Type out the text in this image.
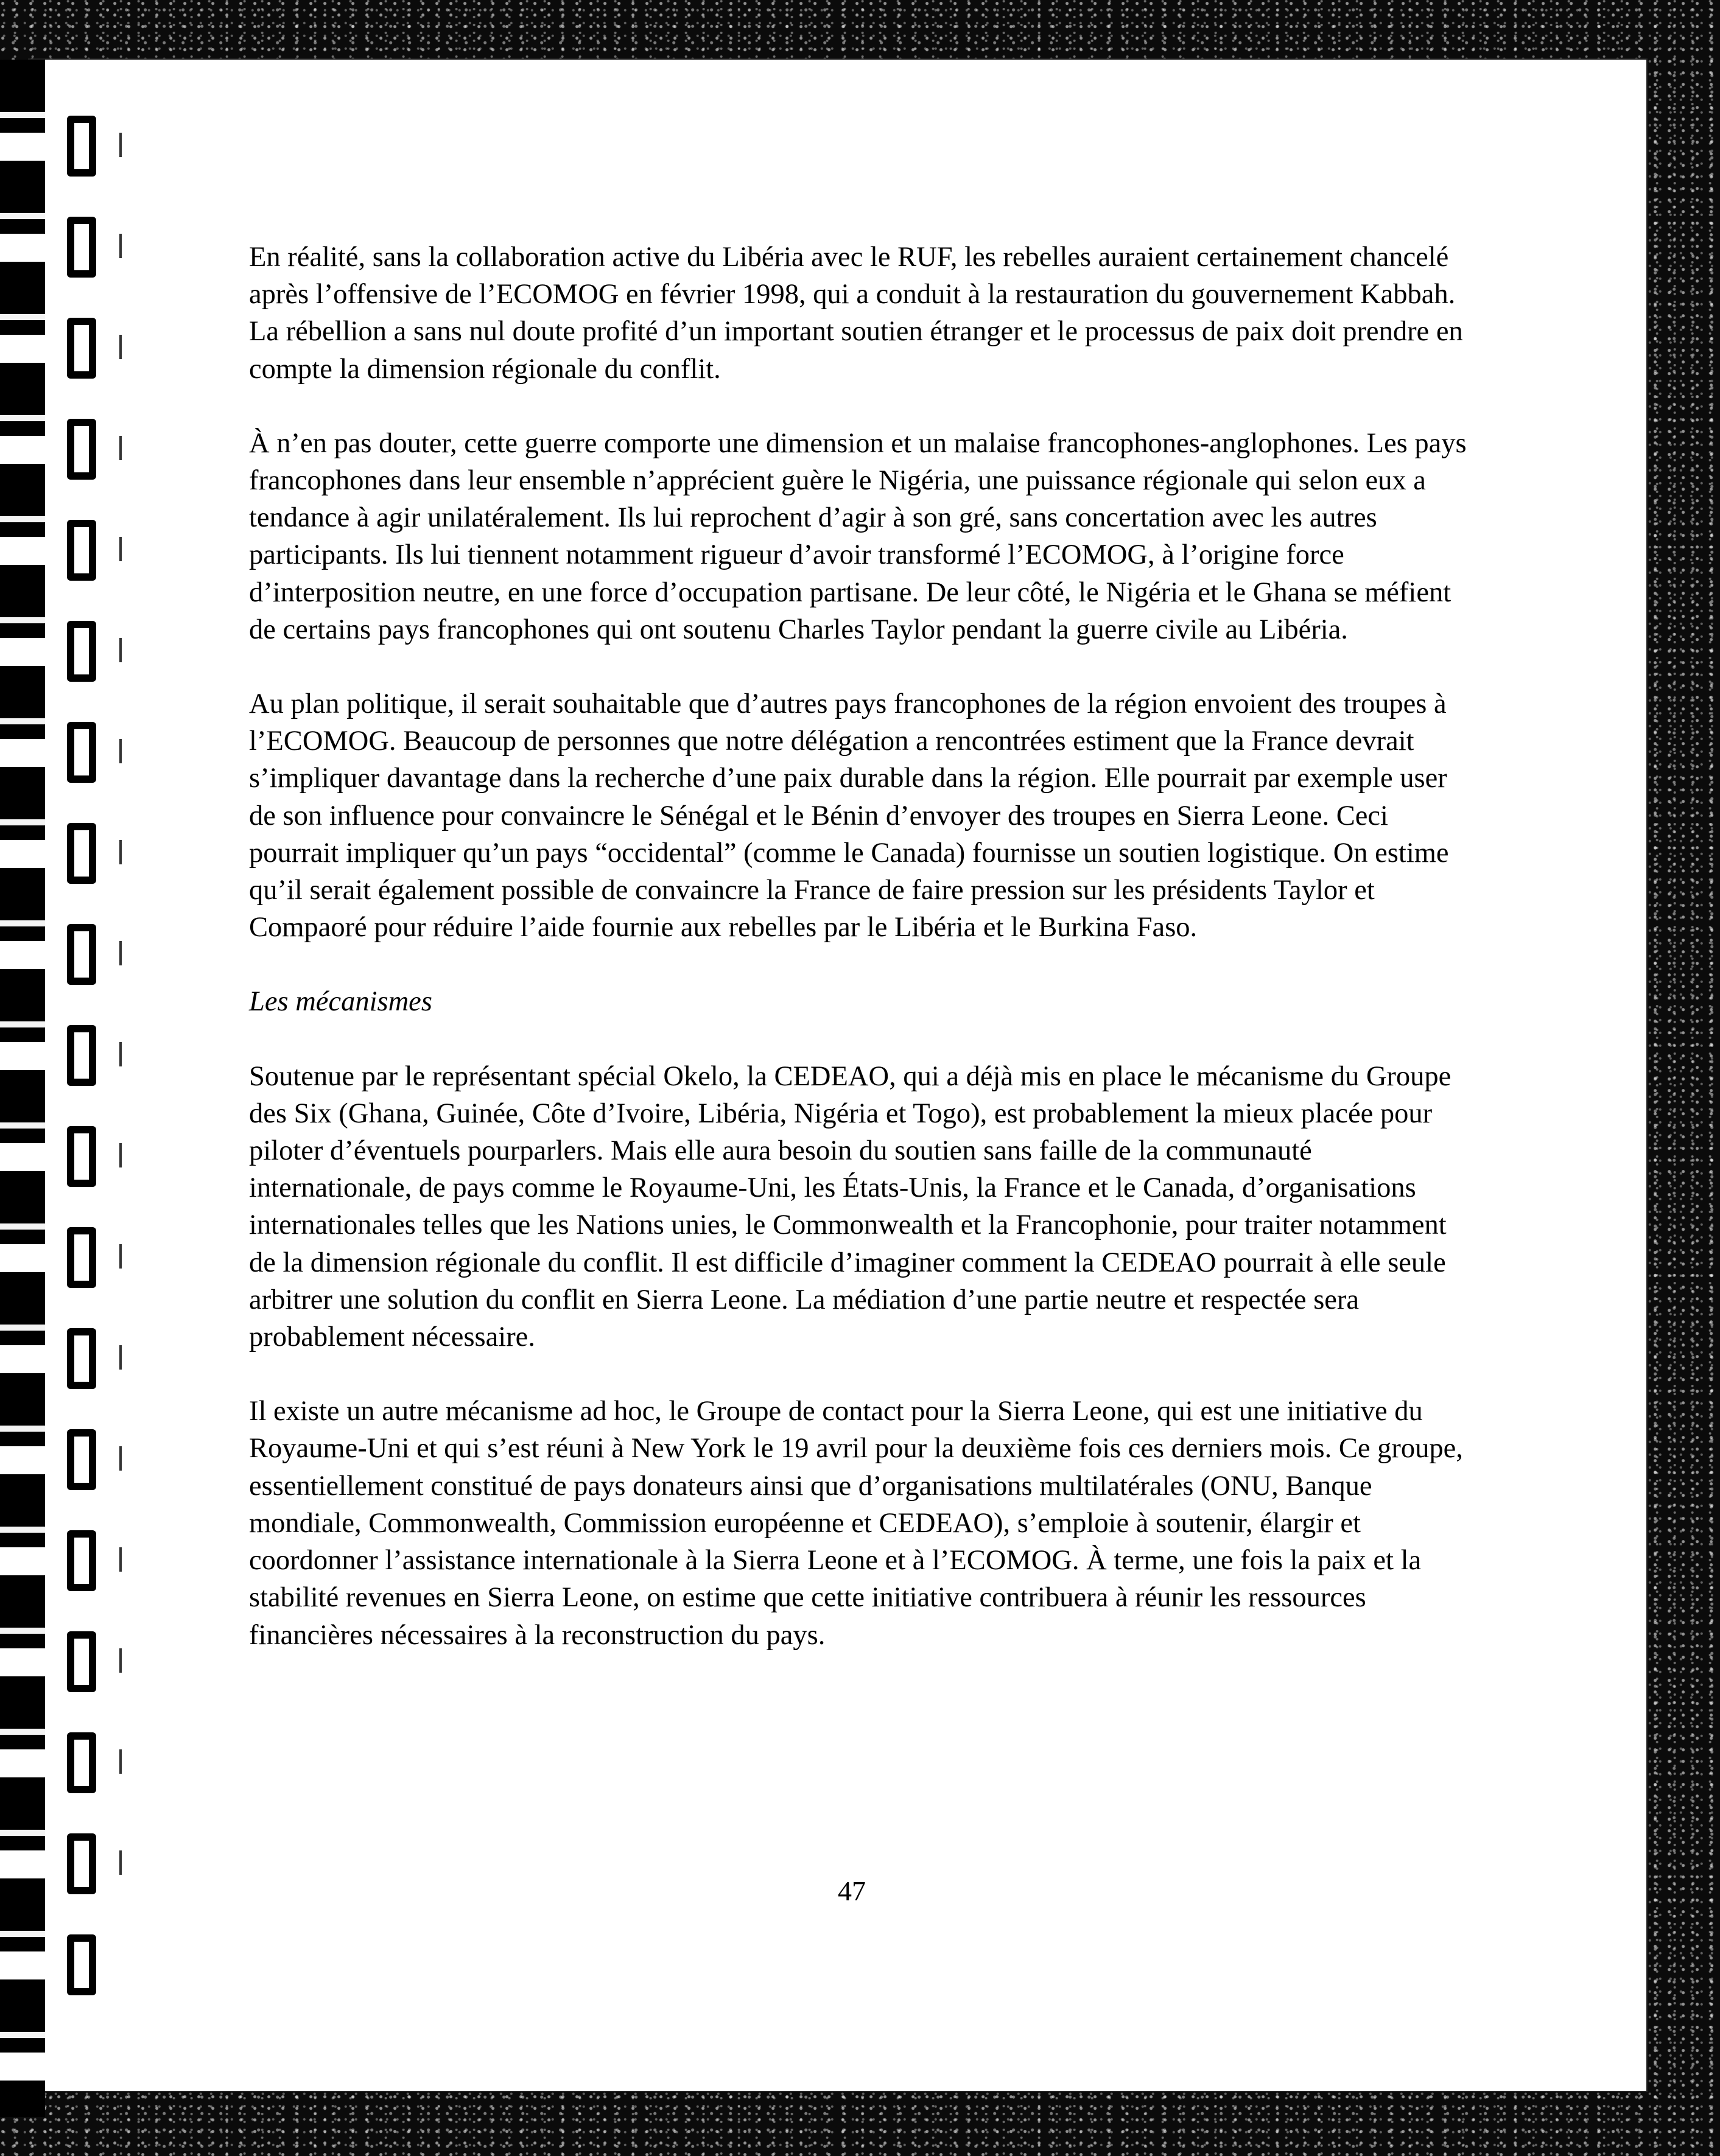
En réalité, sans la collaboration active du Libéria avec le RUF, les rebelles auraient certainement chancelé après l’offensive de l’ECOMOG en février 1998, qui a conduit à la restauration du gouvernement Kabbah. La rébellion a sans nul doute profité d’un important soutien étranger et le processus de paix doit prendre en compte la dimension régionale du conflit.

À n’en pas douter, cette guerre comporte une dimension et un malaise francophones-anglophones. Les pays francophones dans leur ensemble n’apprécient guère le Nigéria, une puissance régionale qui selon eux a tendance à agir unilatéralement. Ils lui reprochent d’agir à son gré, sans concertation avec les autres participants. Ils lui tiennent notamment rigueur d’avoir transformé l’ECOMOG, à l’origine force d’interposition neutre, en une force d’occupation partisane. De leur côté, le Nigéria et le Ghana se méfient de certains pays francophones qui ont soutenu Charles Taylor pendant la guerre civile au Libéria.

Au plan politique, il serait souhaitable que d’autres pays francophones de la région envoient des troupes à l’ECOMOG. Beaucoup de personnes que notre délégation a rencontrées estiment que la France devrait s’impliquer davantage dans la recherche d’une paix durable dans la région. Elle pourrait par exemple user de son influence pour convaincre le Sénégal et le Bénin d’envoyer des troupes en Sierra Leone. Ceci pourrait impliquer qu’un pays “occidental” (comme le Canada) fournisse un soutien logistique. On estime qu’il serait également possible de convaincre la France de faire pression sur les présidents Taylor et Compaoré pour réduire l’aide fournie aux rebelles par le Libéria et le Burkina Faso.

Les mécanismes

Soutenue par le représentant spécial Okelo, la CEDEAO, qui a déjà mis en place le mécanisme du Groupe des Six (Ghana, Guinée, Côte d’Ivoire, Libéria, Nigéria et Togo), est probablement la mieux placée pour piloter d’éventuels pourparlers. Mais elle aura besoin du soutien sans faille de la communauté internationale, de pays comme le Royaume-Uni, les États-Unis, la France et le Canada, d’organisations internationales telles que les Nations unies, le Commonwealth et la Francophonie, pour traiter notamment de la dimension régionale du conflit. Il est difficile d’imaginer comment la CEDEAO pourrait à elle seule arbitrer une solution du conflit en Sierra Leone. La médiation d’une partie neutre et respectée sera probablement nécessaire.

Il existe un autre mécanisme ad hoc, le Groupe de contact pour la Sierra Leone, qui est une initiative du Royaume-Uni et qui s’est réuni à New York le 19 avril pour la deuxième fois ces derniers mois. Ce groupe, essentiellement constitué de pays donateurs ainsi que d’organisations multilatérales (ONU, Banque mondiale, Commonwealth, Commission européenne et CEDEAO), s’emploie à soutenir, élargir et coordonner l’assistance internationale à la Sierra Leone et à l’ECOMOG. À terme, une fois la paix et la stabilité revenues en Sierra Leone, on estime que cette initiative contribuera à réunir les ressources financières nécessaires à la reconstruction du pays.

47
